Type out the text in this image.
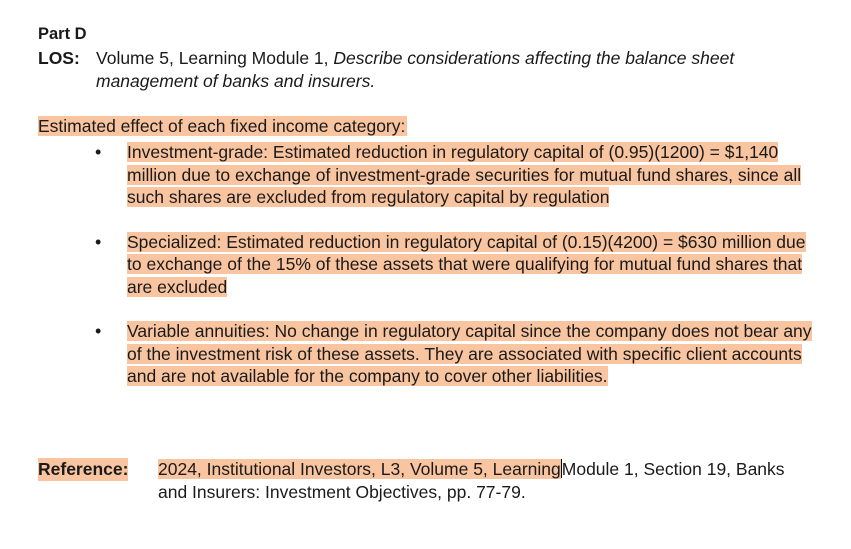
Part D
LOS: Volume 5, Learning Module 1, Describe considerations affecting the balance sheet management of banks and insurers.
Estimated effect of each fixed income category:
• Investment-grade: Estimated reduction in regulatory capital of (0.95)(1200) = $1,140 million due to exchange of investment-grade securities for mutual fund shares, since all such shares are excluded from regulatory capital by regulation
• Specialized: Estimated reduction in regulatory capital of (0.15)(4200) = $630 million due to exchange of the 15% of these assets that were qualifying for mutual fund shares that are excluded
• Variable annuities: No change in regulatory capital since the company does not bear any of the investment risk of these assets. They are associated with specific client accounts and are not available for the company to cover other liabilities.
Reference: 2024, Institutional Investors, L3, Volume 5, LearningModule 1, Section 19, Banks and Insurers: Investment Objectives, pp. 77-79.
